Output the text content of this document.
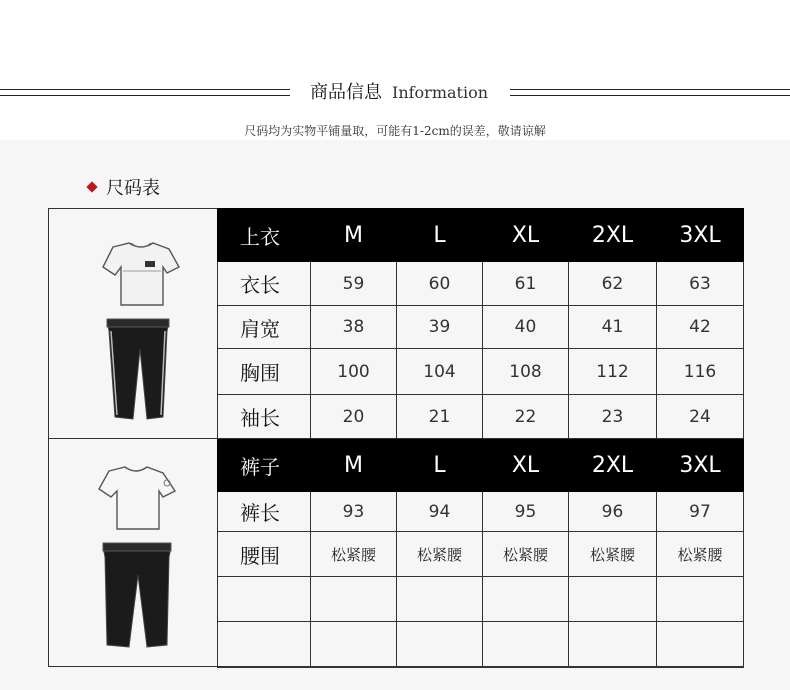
商品信息 Information
尺码均为实物平铺量取，可能有1-2cm的误差，敬请谅解
尺码表
上衣	M	L	XL	2XL	3XL
衣长	59	60	61	62	63
肩宽	38	39	40	41	42
胸围	100	104	108	112	116
袖长	20	21	22	23	24
裤子	M	L	XL	2XL	3XL
裤长	93	94	95	96	97
腰围	松紧腰	松紧腰	松紧腰	松紧腰	松紧腰
